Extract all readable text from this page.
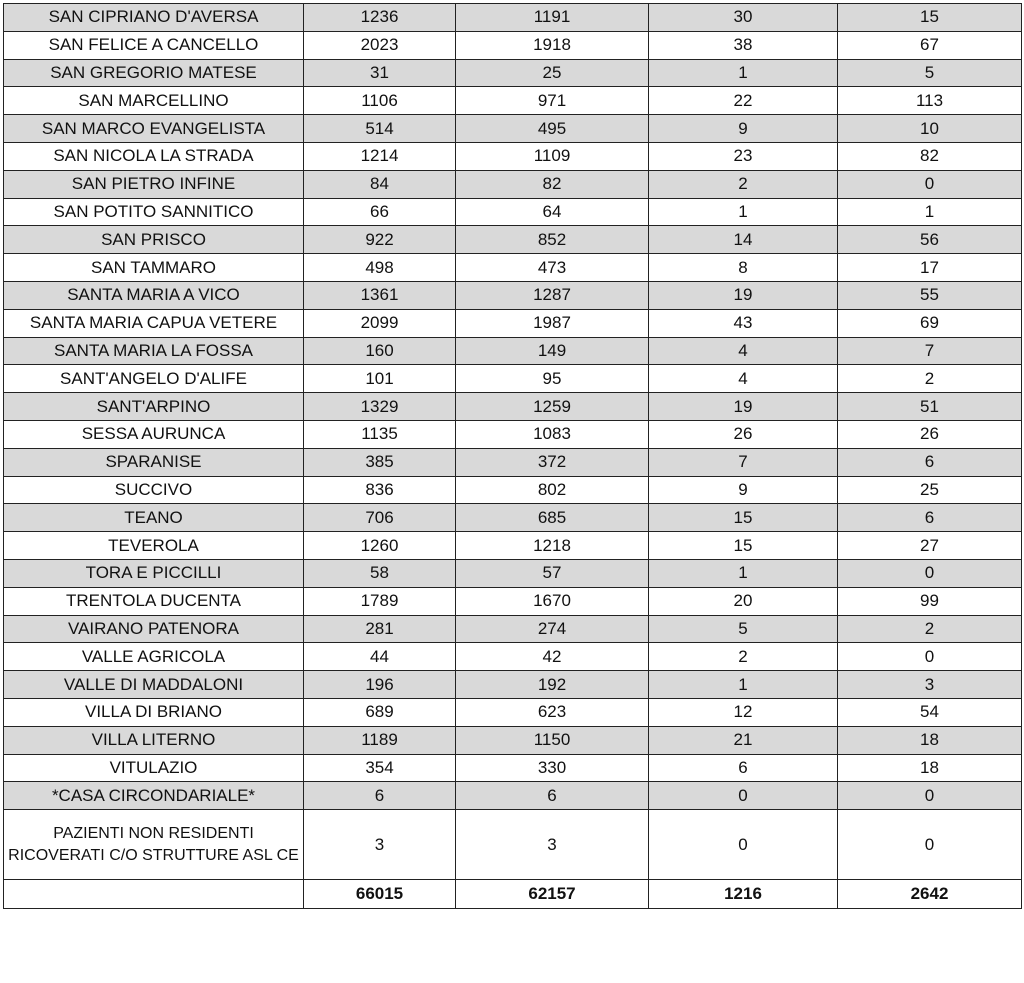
SAN CIPRIANO D'AVERSA	1236	1191	30	15
SAN FELICE A CANCELLO	2023	1918	38	67
SAN GREGORIO MATESE	31	25	1	5
SAN MARCELLINO	1106	971	22	113
SAN MARCO EVANGELISTA	514	495	9	10
SAN NICOLA LA STRADA	1214	1109	23	82
SAN PIETRO INFINE	84	82	2	0
SAN POTITO SANNITICO	66	64	1	1
SAN PRISCO	922	852	14	56
SAN TAMMARO	498	473	8	17
SANTA MARIA A VICO	1361	1287	19	55
SANTA MARIA CAPUA VETERE	2099	1987	43	69
SANTA MARIA LA FOSSA	160	149	4	7
SANT'ANGELO D'ALIFE	101	95	4	2
SANT'ARPINO	1329	1259	19	51
SESSA AURUNCA	1135	1083	26	26
SPARANISE	385	372	7	6
SUCCIVO	836	802	9	25
TEANO	706	685	15	6
TEVEROLA	1260	1218	15	27
TORA E PICCILLI	58	57	1	0
TRENTOLA DUCENTA	1789	1670	20	99
VAIRANO PATENORA	281	274	5	2
VALLE AGRICOLA	44	42	2	0
VALLE DI MADDALONI	196	192	1	3
VILLA DI BRIANO	689	623	12	54
VILLA LITERNO	1189	1150	21	18
VITULAZIO	354	330	6	18
*CASA CIRCONDARIALE*	6	6	0	0
PAZIENTI NON RESIDENTI RICOVERATI C/O STRUTTURE ASL CE	3	3	0	0
	66015	62157	1216	2642
